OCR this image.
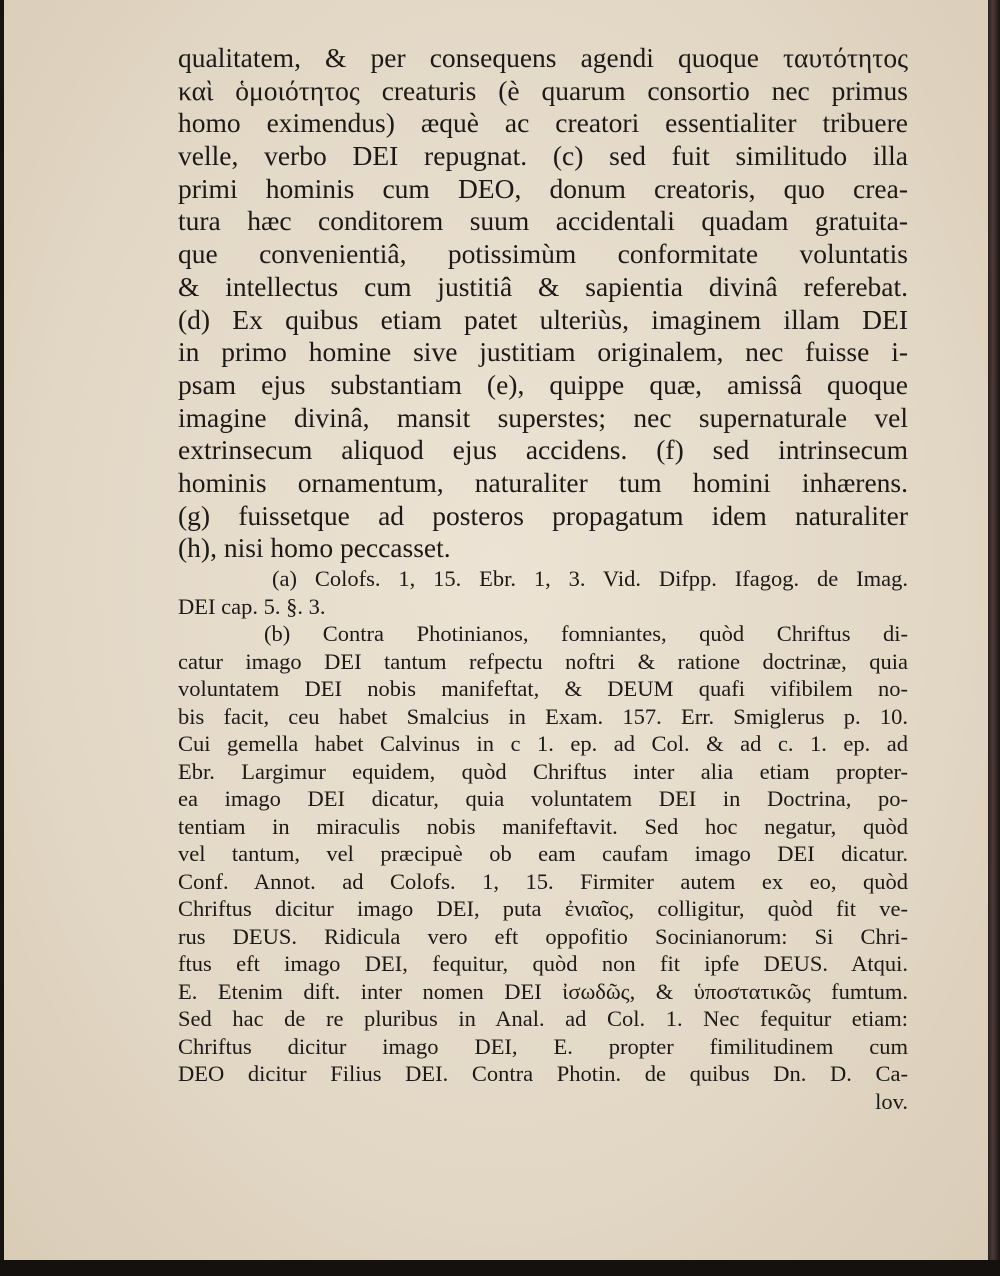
qualitatem, & per consequens agendi quoque ταυτότητος
καὶ ὁμοιότητος creaturis (è quarum consortio nec primus
homo eximendus) æquè ac creatori essentialiter tribuere
velle, verbo DEI repugnat. (c) sed fuit similitudo illa
primi hominis cum DEO, donum creatoris, quo crea-
tura hæc conditorem suum accidentali quadam gratuita-
que convenientiâ, potissimùm conformitate voluntatis
& intellectus cum justitiâ & sapientia divinâ referebat.
(d) Ex quibus etiam patet ulteriùs, imaginem illam DEI
in primo homine sive justitiam originalem, nec fuisse i-
psam ejus substantiam (e), quippe quæ, amissâ quoque
imagine divinâ, mansit superstes; nec supernaturale vel
extrinsecum aliquod ejus accidens. (f) sed intrinsecum
hominis ornamentum, naturaliter tum homini inhærens.
(g) fuissetque ad posteros propagatum idem naturaliter
(h), nisi homo peccasset.
(a) Colofs. 1, 15. Ebr. 1, 3. Vid. Difpp. Ifagog. de Imag.
DEI cap. 5. §. 3.
(b) Contra Photinianos, fomniantes, quòd Chriftus di-
catur imago DEI tantum refpectu noftri & ratione doctrinæ, quia
voluntatem DEI nobis manifeftat, & DEUM quafi vifibilem no-
bis facit, ceu habet Smalcius in Exam. 157. Err. Smiglerus p. 10.
Cui gemella habet Calvinus in c 1. ep. ad Col. & ad c. 1. ep. ad
Ebr. Largimur equidem, quòd Chriftus inter alia etiam propter-
ea imago DEI dicatur, quia voluntatem DEI in Doctrina, po-
tentiam in miraculis nobis manifeftavit. Sed hoc negatur, quòd
vel tantum, vel præcipuè ob eam caufam imago DEI dicatur.
Conf. Annot. ad Colofs. 1, 15. Firmiter autem ex eo, quòd
Chriftus dicitur imago DEI, puta ἐνιαῖος, colligitur, quòd fit ve-
rus DEUS. Ridicula vero eft oppofitio Socinianorum: Si Chri-
ftus eft imago DEI, fequitur, quòd non fit ipfe DEUS. Atqui.
E. Etenim dift. inter nomen DEI ἰσωδῶς, & ὑποστατικῶς fumtum.
Sed hac de re pluribus in Anal. ad Col. 1. Nec fequitur etiam:
Chriftus dicitur imago DEI, E. propter fimilitudinem cum
DEO dicitur Filius DEI. Contra Photin. de quibus Dn. D. Ca-
lov.
